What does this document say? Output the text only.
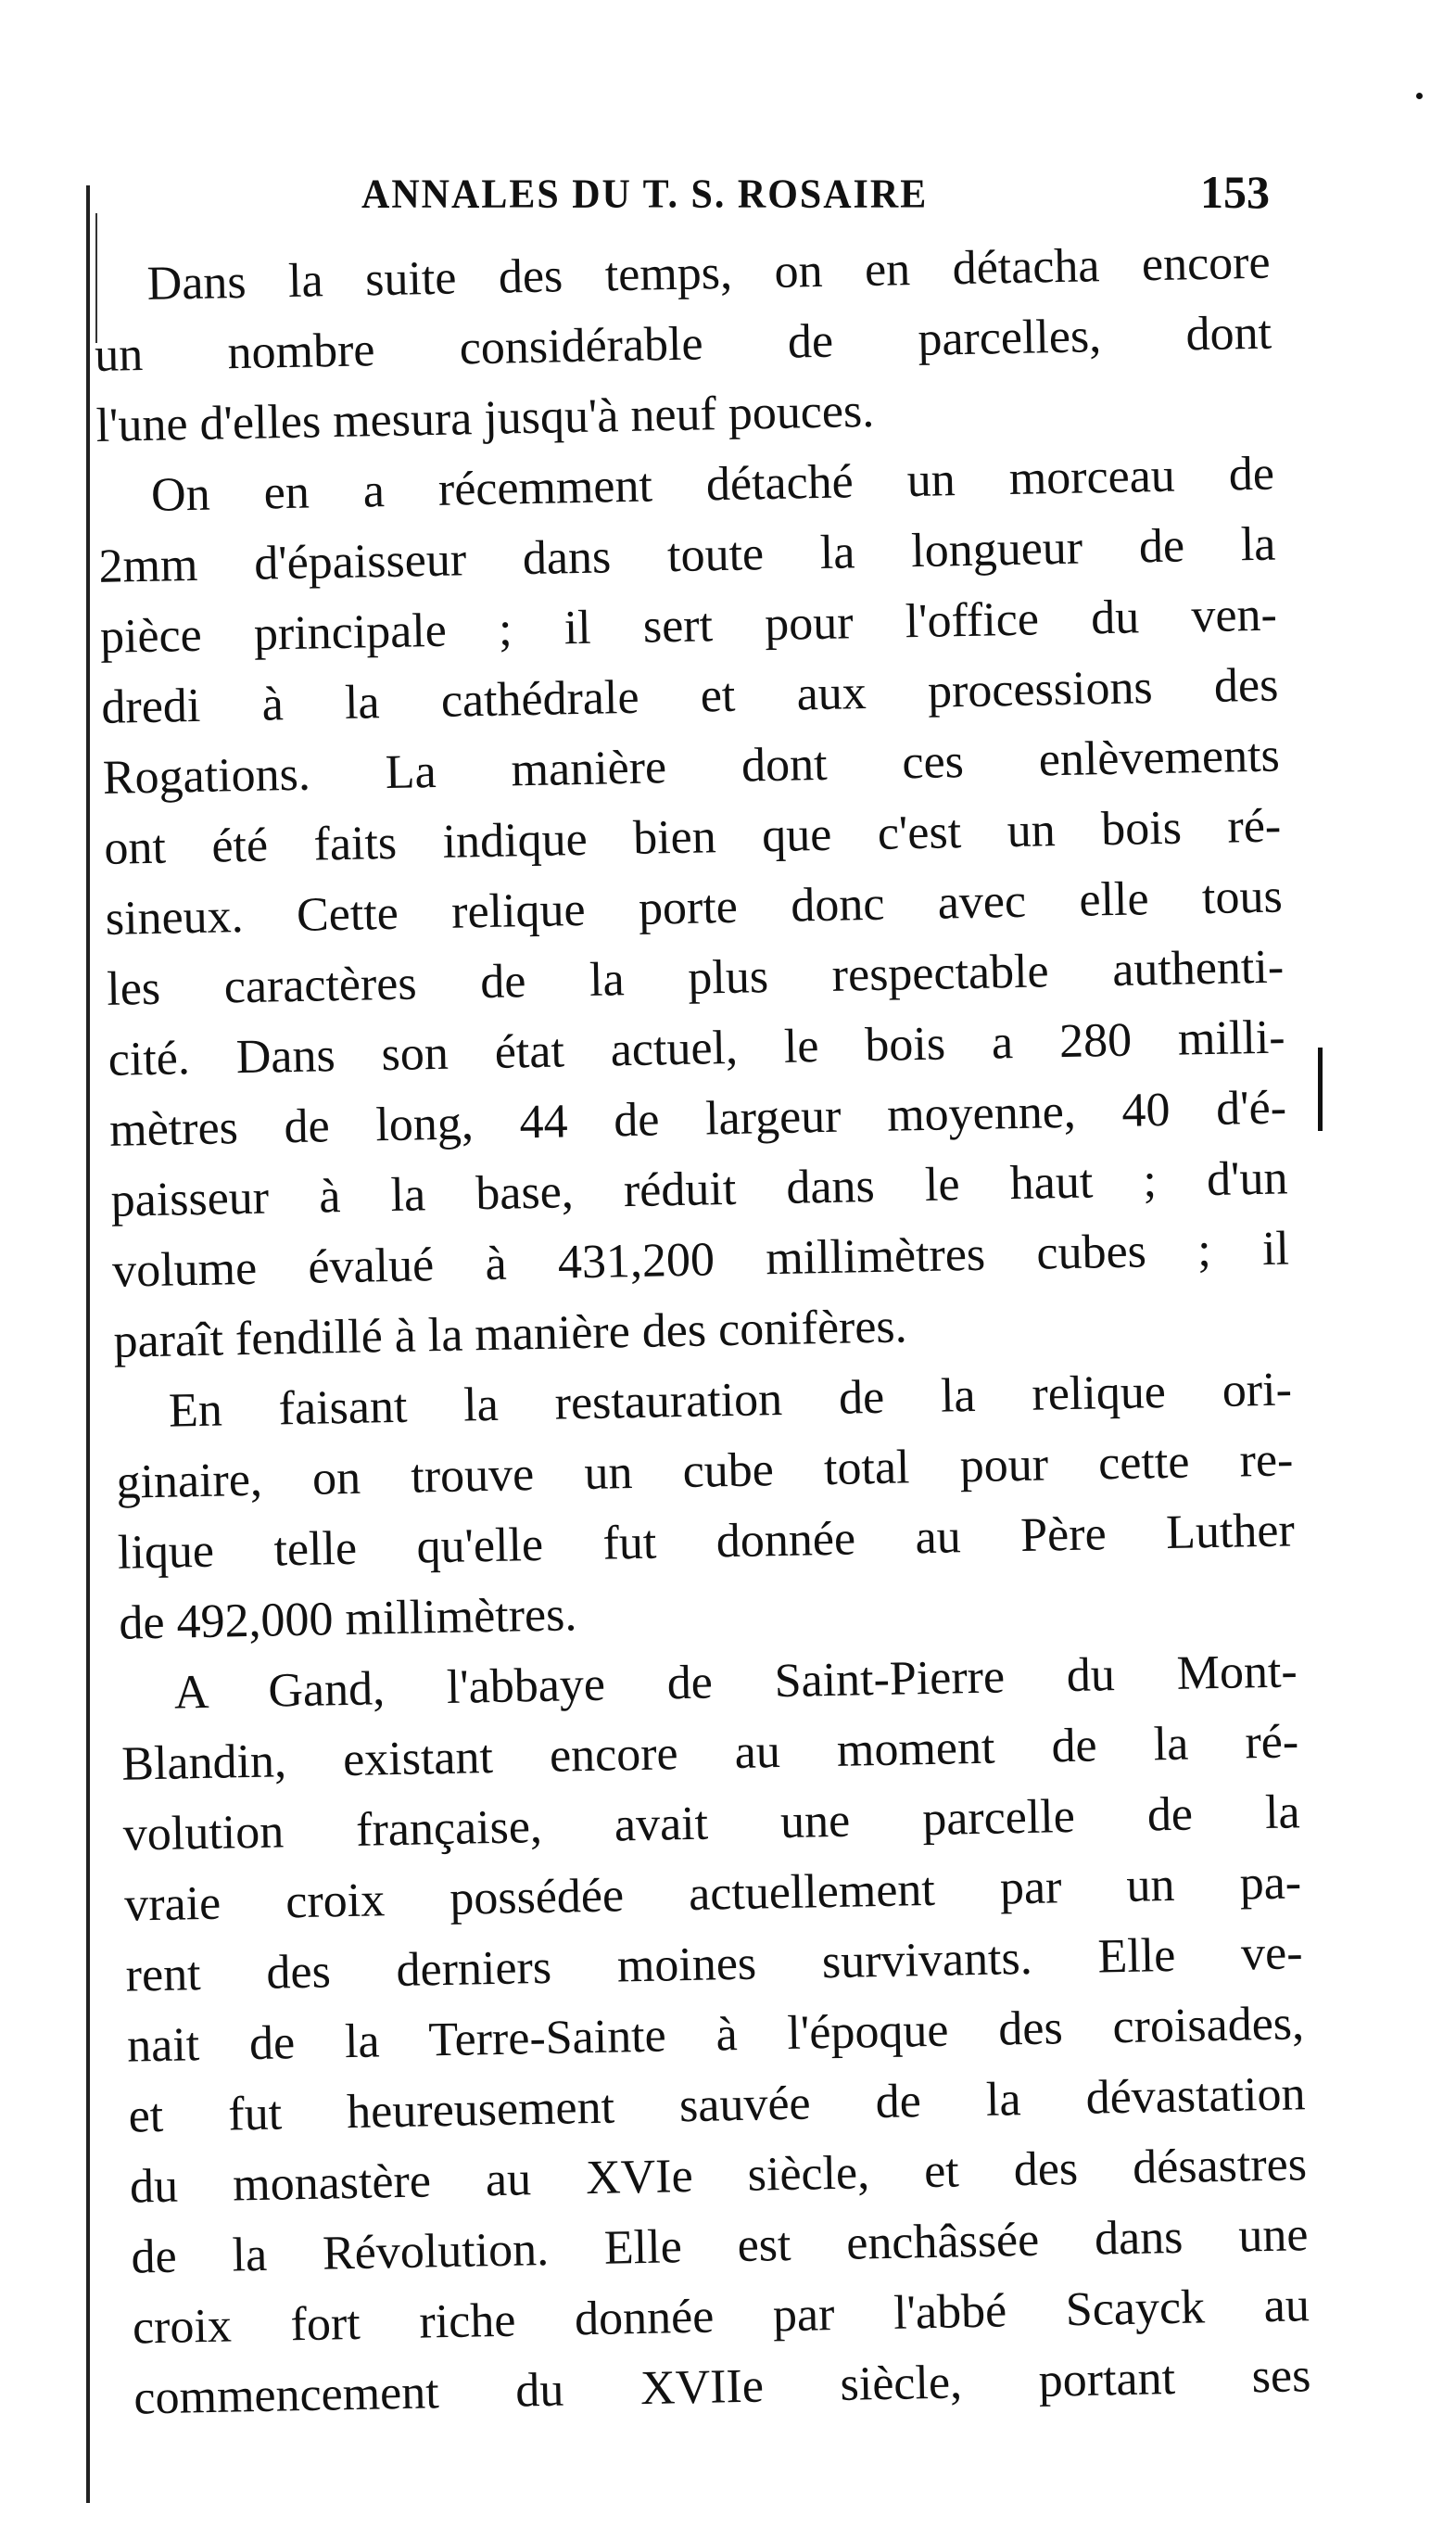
ANNALES DU T. S. ROSAIRE	153
Dans la suite des temps, on en détacha encore
un nombre considérable de parcelles, dont
l'une d'elles mesura jusqu'à neuf pouces.
On en a récemment détaché un morceau de
2mm d'épaisseur dans toute la longueur de la
pièce principale ; il sert pour l'office du ven-
dredi à la cathédrale et aux processions des
Rogations. La manière dont ces enlèvements
ont été faits indique bien que c'est un bois ré-
sineux. Cette relique porte donc avec elle tous
les caractères de la plus respectable authenti-
cité. Dans son état actuel, le bois a 280 milli-
mètres de long, 44 de largeur moyenne, 40 d'é-
paisseur à la base, réduit dans le haut ; d'un
volume évalué à 431,200 millimètres cubes ; il
paraît fendillé à la manière des conifères.
En faisant la restauration de la relique ori-
ginaire, on trouve un cube total pour cette re-
lique telle qu'elle fut donnée au Père Luther
de 492,000 millimètres.
A Gand, l'abbaye de Saint-Pierre du Mont-
Blandin, existant encore au moment de la ré-
volution française, avait une parcelle de la
vraie croix possédée actuellement par un pa-
rent des derniers moines survivants. Elle ve-
nait de la Terre-Sainte à l'époque des croisades,
et fut heureusement sauvée de la dévastation
du monastère au XVIe siècle, et des désastres
de la Révolution. Elle est enchâssée dans une
croix fort riche donnée par l'abbé Scayck au
commencement du XVIIe siècle, portant ses
